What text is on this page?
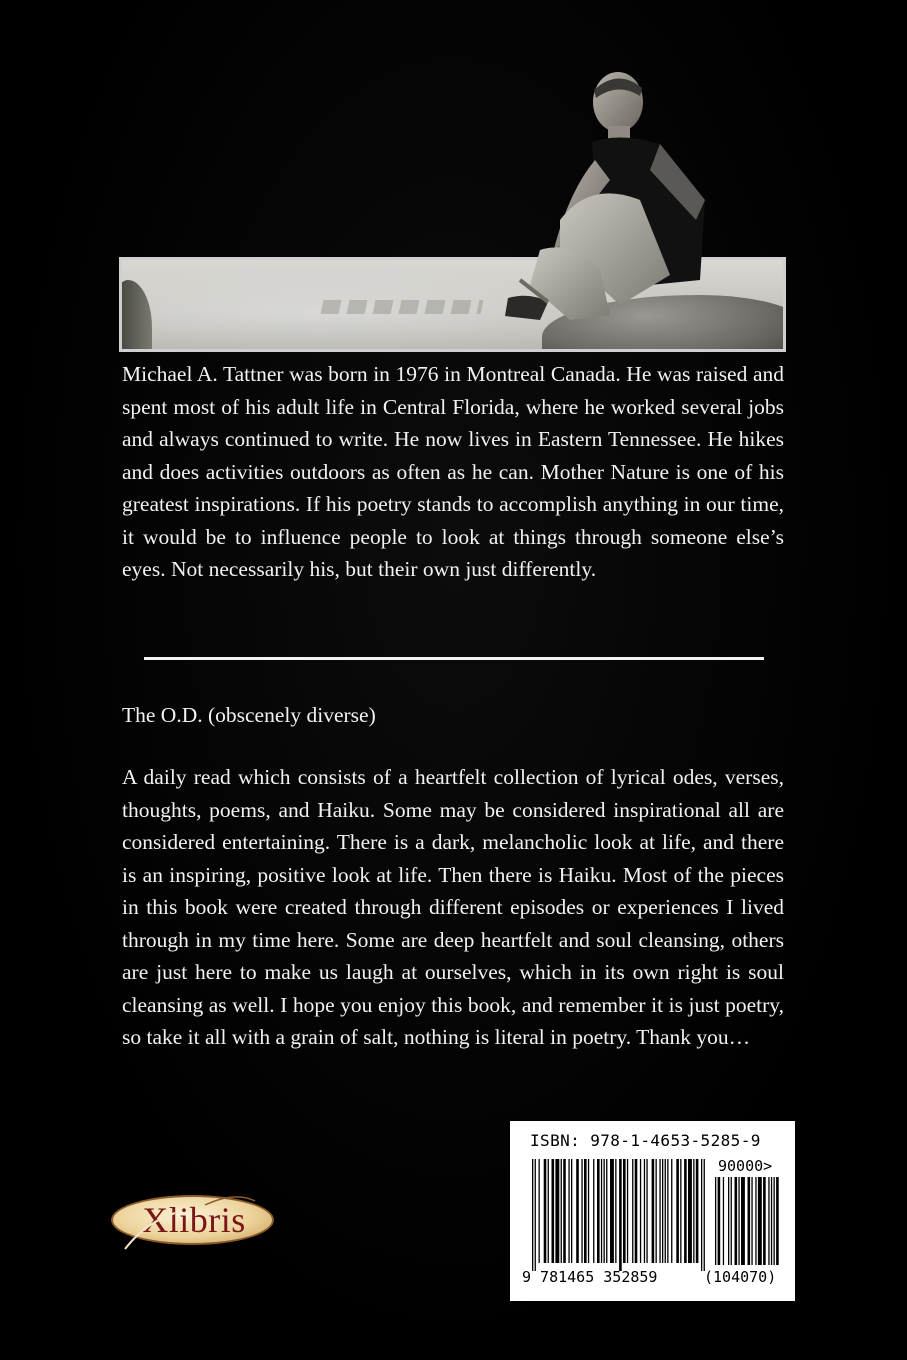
Michael A. Tattner was born in 1976 in Montreal Canada. He was raised and spent most of his adult life in Central Florida, where he worked several jobs and always continued to write. He now lives in Eastern Tennessee. He hikes and does activities outdoors as often as he can. Mother Nature is one of his greatest inspirations. If his poetry stands to accomplish anything in our time, it would be to influence people to look at things through someone else’s eyes. Not necessarily his, but their own just differently.

The O.D. (obscenely diverse)

A daily read which consists of a heartfelt collection of lyrical odes, verses, thoughts, poems, and Haiku. Some may be considered inspirational all are considered entertaining. There is a dark, melancholic look at life, and there is an inspiring, positive look at life. Then there is Haiku. Most of the pieces in this book were created through different episodes or experiences I lived through in my time here. Some are deep heartfelt and soul cleansing, others are just here to make us laugh at ourselves, which in its own right is soul cleansing as well. I hope you enjoy this book, and remember it is just poetry, so take it all with a grain of salt, nothing is literal in poetry. Thank you…

Xlibris
ISBN: 978-1-4653-5285-9
90000>
9 781465 352859	(104070)
